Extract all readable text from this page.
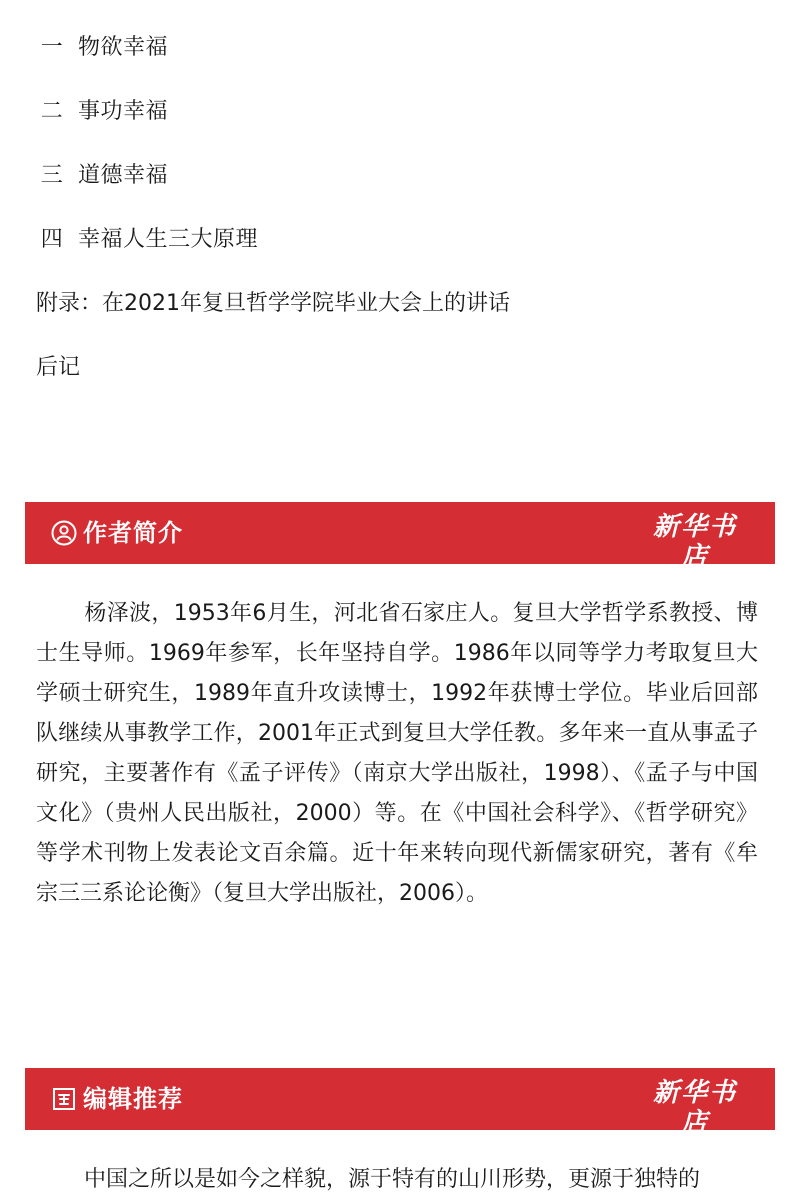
一 物欲幸福
二 事功幸福
三 道德幸福
四 幸福人生三大原理
附录：在2021年复旦哲学学院毕业大会上的讲话
后记
作者简介	新华书店
XINHUA BOOKSTORE

杨泽波，1953年6月生，河北省石家庄人。复旦大学哲学系教授、博士生导师。1969年参军，长年坚持自学。1986年以同等学力考取复旦大学硕士研究生，1989年直升攻读博士，1992年获博士学位。毕业后回部队继续从事教学工作，2001年正式到复旦大学任教。多年来一直从事孟子研究，主要著作有《孟子评传》（南京大学出版社，1998）、《孟子与中国文化》（贵州人民出版社，2000）等。在《中国社会科学》、《哲学研究》等学术刊物上发表论文百余篇。近十年来转向现代新儒家研究，著有《牟宗三三系论论衡》（复旦大学出版社，2006）。

编辑推荐	新华书店
XINHUA BOOKSTORE

中国之所以是如今之样貌，源于特有的山川形势，更源于独特的
